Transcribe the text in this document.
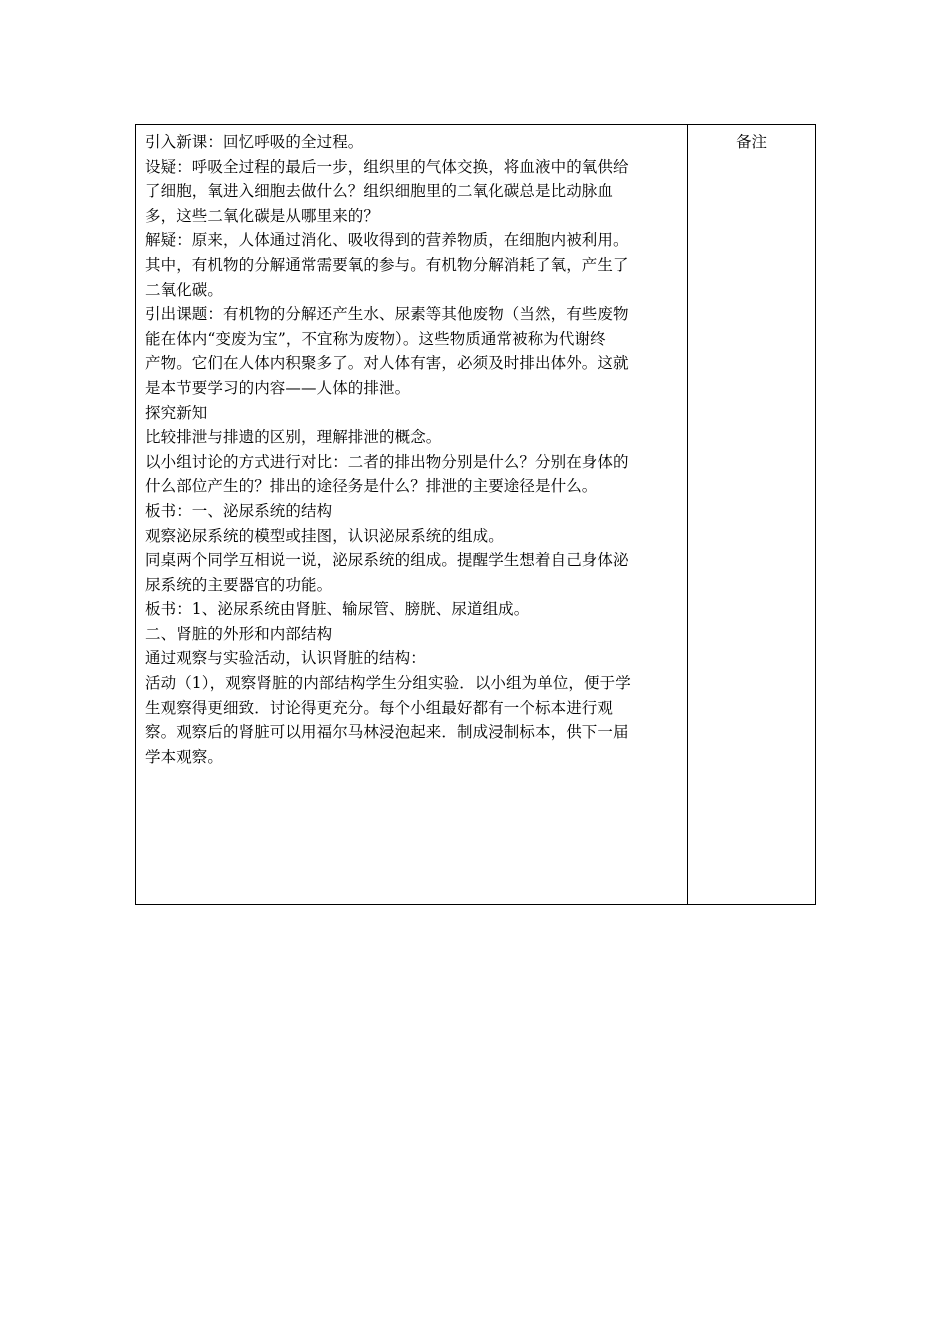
引入新课：回忆呼吸的全过程。
设疑：呼吸全过程的最后一步，组织里的气体交换，将血液中的氧供给
了细胞，氧进入细胞去做什么？组织细胞里的二氧化碳总是比动脉血
多，这些二氧化碳是从哪里来的？
解疑：原来，人体通过消化、吸收得到的营养物质，在细胞内被利用。
其中，有机物的分解通常需要氧的参与。有机物分解消耗了氧，产生了
二氧化碳。
引出课题：有机物的分解还产生水、尿素等其他废物（当然，有些废物
能在体内“变废为宝”，不宜称为废物）。这些物质通常被称为代谢终
产物。它们在人体内积聚多了。对人体有害，必须及时排出体外。这就
是本节要学习的内容——人体的排泄。
探究新知
比较排泄与排遗的区别，理解排泄的概念。
以小组讨论的方式进行对比：二者的排出物分别是什么？分别在身体的
什么部位产生的？排出的途径务是什么？排泄的主要途径是什么。
板书：一、泌尿系统的结构
观察泌尿系统的模型或挂图，认识泌尿系统的组成。
同桌两个同学互相说一说，泌尿系统的组成。提醒学生想着自己身体泌
尿系统的主要器官的功能。
板书：1、泌尿系统由肾脏、输尿管、膀胱、尿道组成。
二、肾脏的外形和内部结构
通过观察与实验活动，认识肾脏的结构：
活动（1），观察肾脏的内部结构学生分组实验．以小组为单位，便于学
生观察得更细致．讨论得更充分。每个小组最好都有一个标本进行观
察。观察后的肾脏可以用福尔马林浸泡起来．制成浸制标本，供下一届
学本观察。
备注
